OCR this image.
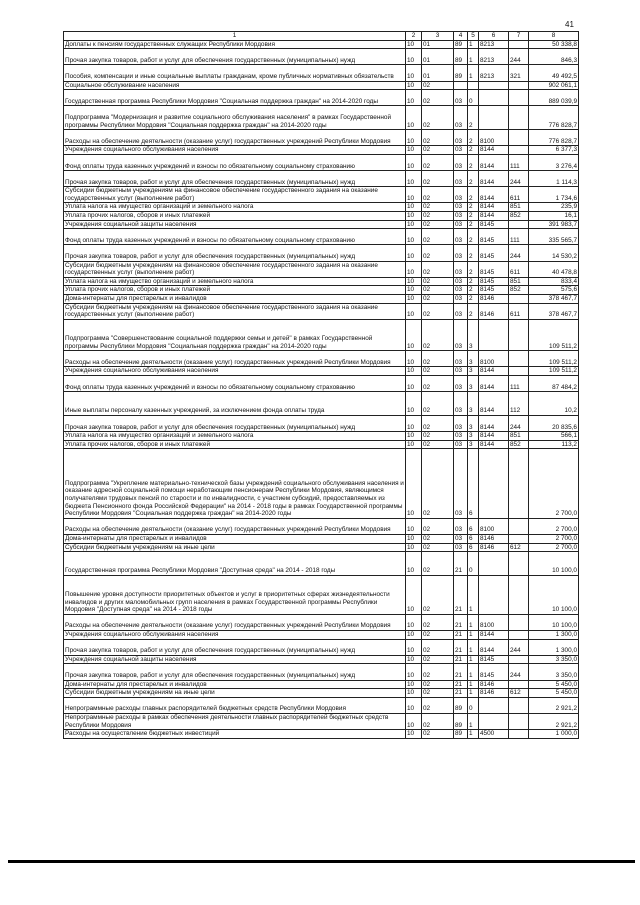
41
1	2	3	4	5	6	7	8
Доплаты к пенсиям государственных служащих Республики Мордовия	10	01	89	1	8213		50 338,8
Прочая закупка товаров, работ и услуг для обеспечения государственных (муниципальных) нужд	10	01	89	1	8213	244	846,3
Пособия, компенсации и иные социальные выплаты гражданам, кроме публичных нормативных обязательств	10	01	89	1	8213	321	49 492,5
Социальное обслуживание населения	10	02					902 061,1
Государственная программа Республики Мордовия "Социальная поддержка граждан" на 2014-2020 годы	10	02	03	0			889 039,9
Подпрограмма "Модернизация и развитие социального обслуживания населения" в рамках Государственной программы Республики Мордовия "Социальная поддержка граждан" на 2014-2020 годы	10	02	03	2			776 828,7
Расходы на обеспечение деятельности (оказание услуг) государственных учреждений Республики Мордовия	10	02	03	2	8100		776 828,7
Учреждения социального обслуживания населения	10	02	03	2	8144		6 377,3
Фонд оплаты труда казенных учреждений и взносы по обязательному социальному страхованию	10	02	03	2	8144	111	3 276,4
Прочая закупка товаров, работ и услуг для обеспечения государственных (муниципальных) нужд	10	02	03	2	8144	244	1 114,3
Субсидии бюджетным учреждениям на финансовое обеспечение государственного задания на оказание государственных услуг (выполнение работ)	10	02	03	2	8144	611	1 734,6
Уплата налога на имущество организаций и земельного налога	10	02	03	2	8144	851	235,9
Уплата прочих налогов, сборов и иных платежей	10	02	03	2	8144	852	16,1
Учреждения социальной защиты населения	10	02	03	2	8145		391 983,7
Фонд оплаты труда казенных учреждений и взносы по обязательному социальному страхованию	10	02	03	2	8145	111	335 565,7
Прочая закупка товаров, работ и услуг для обеспечения государственных (муниципальных) нужд	10	02	03	2	8145	244	14 530,2
Субсидии бюджетным учреждениям на финансовое обеспечение государственного задания на оказание государственных услуг (выполнение работ)	10	02	03	2	8145	611	40 478,8
Уплата налога на имущество организаций и земельного налога	10	02	03	2	8145	851	833,4
Уплата прочих налогов, сборов и иных платежей	10	02	03	2	8145	852	575,6
Дома-интернаты для престарелых и инвалидов	10	02	03	2	8146		378 467,7
Субсидии бюджетным учреждениям на финансовое обеспечение государственного задания на оказание государственных услуг (выполнение работ)	10	02	03	2	8146	611	378 467,7
Подпрограмма "Совершенствование социальной поддержки семьи и детей" в рамках Государственной программы Республики Мордовия "Социальная поддержка граждан" на 2014-2020 годы	10	02	03	3			109 511,2
Расходы на обеспечение деятельности (оказание услуг) государственных учреждений Республики Мордовия	10	02	03	3	8100		109 511,2
Учреждения социального обслуживания населения	10	02	03	3	8144		109 511,2
Фонд оплаты труда казенных учреждений и взносы по обязательному социальному страхованию	10	02	03	3	8144	111	87 484,2
Иные выплаты персоналу казенных учреждений, за исключением фонда оплаты труда	10	02	03	3	8144	112	10,2
Прочая закупка товаров, работ и услуг для обеспечения государственных (муниципальных) нужд	10	02	03	3	8144	244	20 835,6
Уплата налога на имущество организаций и земельного налога	10	02	03	3	8144	851	566,1
Уплата прочих налогов, сборов и иных платежей	10	02	03	3	8144	852	113,2
Подпрограмма "Укрепление материально-технической базы учреждений социального обслуживания населения и оказание адресной социальной помощи неработающим пенсионерам Республики Мордовия, являющимся получателями трудовых пенсий по старости и по инвалидности, с участием субсидий, предоставляемых из бюджета Пенсионного фонда Российской Федерации" на 2014 - 2018 годы в рамках Государственной программы Республики Мордовия "Социальная поддержка граждан" на 2014-2020 годы	10	02	03	6			2 700,0
Расходы на обеспечение деятельности (оказание услуг) государственных учреждений Республики Мордовия	10	02	03	6	8100		2 700,0
Дома-интернаты для престарелых и инвалидов	10	02	03	6	8146		2 700,0
Субсидии бюджетным учреждениям на иные цели	10	02	03	6	8146	612	2 700,0
Государственная программа Республики Мордовия "Доступная среда" на 2014 - 2018 годы	10	02	21	0			10 100,0
Повышение уровня доступности приоритетных объектов и услуг в приоритетных сферах жизнедеятельности инвалидов и других маломобильных групп населения в рамках Государственной программы Республики Мордовия "Доступная среда" на 2014 - 2018 годы	10	02	21	1			10 100,0
Расходы на обеспечение деятельности (оказание услуг) государственных учреждений Республики Мордовия	10	02	21	1	8100		10 100,0
Учреждения социального обслуживания населения	10	02	21	1	8144		1 300,0
Прочая закупка товаров, работ и услуг для обеспечения государственных (муниципальных) нужд	10	02	21	1	8144	244	1 300,0
Учреждения социальной защиты населения	10	02	21	1	8145		3 350,0
Прочая закупка товаров, работ и услуг для обеспечения государственных (муниципальных) нужд	10	02	21	1	8145	244	3 350,0
Дома-интернаты для престарелых и инвалидов	10	02	21	1	8146		5 450,0
Субсидии бюджетным учреждениям на иные цели	10	02	21	1	8146	612	5 450,0
Непрограммные расходы главных распорядителей бюджетных средств Республики Мордовия	10	02	89	0			2 921,2
Непрограммные расходы в рамках обеспечения деятельности главных распорядителей бюджетных средств Республики Мордовия	10	02	89	1			2 921,2
Расходы на осуществление бюджетных инвестиций	10	02	89	1	4500		1 000,0
